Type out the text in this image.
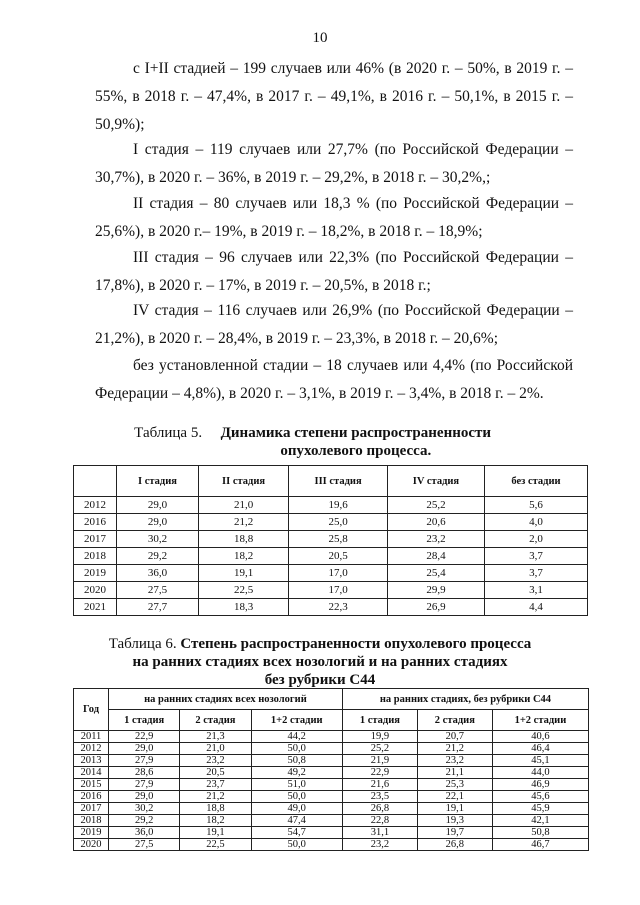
10
с I+II стадией – 199 случаев или 46% (в 2020 г. – 50%, в 2019 г. – 55%, в 2018 г. – 47,4%, в 2017 г. – 49,1%, в 2016 г. – 50,1%, в 2015 г. – 50,9%);
I стадия – 119 случаев или 27,7% (по Российской Федерации – 30,7%), в 2020 г. – 36%, в 2019 г. – 29,2%, в 2018 г. – 30,2%,;
II стадия – 80 случаев или 18,3 % (по Российской Федерации – 25,6%), в 2020 г.– 19%, в 2019 г. – 18,2%, в 2018 г. – 18,9%;
III стадия – 96 случаев или 22,3% (по Российской Федерации – 17,8%), в 2020 г. – 17%, в 2019 г. – 20,5%, в 2018 г.;
IV стадия – 116 случаев или 26,9% (по Российской Федерации – 21,2%), в 2020 г. – 28,4%, в 2019 г. – 23,3%, в 2018 г. – 20,6%;
без установленной стадии – 18 случаев или 4,4% (по Российской Федерации – 4,8%), в 2020 г. – 3,1%, в 2019 г. – 3,4%, в 2018 г. – 2%.
Таблица 5. Динамика степени распространенности опухолевого процесса.
	I стадия	II стадия	III стадия	IV стадия	без стадии
2012	29,0	21,0	19,6	25,2	5,6
2016	29,0	21,2	25,0	20,6	4,0
2017	30,2	18,8	25,8	23,2	2,0
2018	29,2	18,2	20,5	28,4	3,7
2019	36,0	19,1	17,0	25,4	3,7
2020	27,5	22,5	17,0	29,9	3,1
2021	27,7	18,3	22,3	26,9	4,4
Таблица 6. Степень распространенности опухолевого процесса
на ранних стадиях всех нозологий и на ранних стадиях
без рубрики С44
Год	на ранних стадиях всех нозологий			на ранних стадиях, без рубрики С44		
	1 стадия	2 стадия	1+2 стадии	1 стадия	2 стадия	1+2 стадии
2011	22,9	21,3	44,2	19,9	20,7	40,6
2012	29,0	21,0	50,0	25,2	21,2	46,4
2013	27,9	23,2	50,8	21,9	23,2	45,1
2014	28,6	20,5	49,2	22,9	21,1	44,0
2015	27,9	23,7	51,0	21,6	25,3	46,9
2016	29,0	21,2	50,0	23,5	22,1	45,6
2017	30,2	18,8	49,0	26,8	19,1	45,9
2018	29,2	18,2	47,4	22,8	19,3	42,1
2019	36,0	19,1	54,7	31,1	19,7	50,8
2020	27,5	22,5	50,0	23,2	26,8	46,7
